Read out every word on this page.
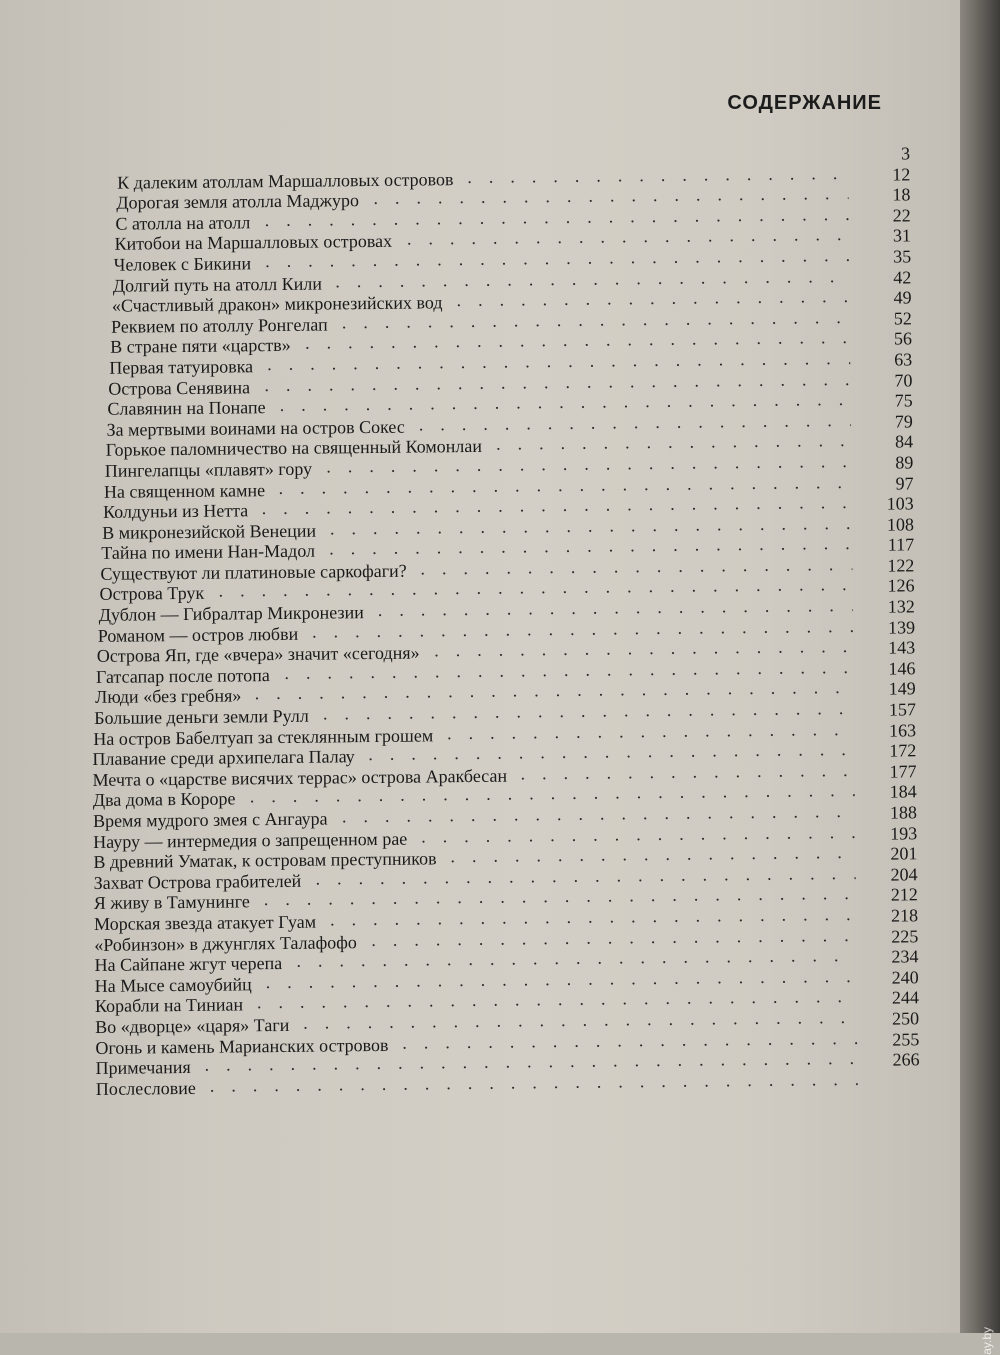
СОДЕРЖАНИЕ
3
К далеким атоллам Маршалловых островов ..............................................
12
Дорогая земля атолла Маджуро ..............................................
18
С атолла на атолл ..............................................
22
Китобои на Маршалловых островах ..............................................
31
Человек с Бикини ..............................................
35
Долгий путь на атолл Кили ..............................................
42
«Счастливый дракон» микронезийских вод ..............................................
49
Реквием по атоллу Ронгелап ..............................................
52
В стране пяти «царств» ..............................................
56
Первая татуировка ..............................................
63
Острова Сенявина ..............................................
70
Славянин на Понапе ..............................................
75
За мертвыми воинами на остров Сокес ..............................................
79
Горькое паломничество на священный Комонлаи ..............................................
84
Пингелапцы «плавят» гору ..............................................
89
На священном камне ..............................................
97
Колдуньи из Нетта ..............................................
103
В микронезийской Венеции ..............................................
108
Тайна по имени Нан-Мадол ..............................................
117
Существуют ли платиновые саркофаги? ..............................................
122
Острова Трук ..............................................
126
Дублон — Гибралтар Микронезии ..............................................
132
Романом — остров любви ..............................................
139
Острова Яп, где «вчера» значит «сегодня» ..............................................
143
Гатсапар после потопа ..............................................
146
Люди «без гребня» ..............................................
149
Большие деньги земли Рулл ..............................................
157
На остров Бабелтуап за стеклянным грошем ..............................................
163
Плавание среди архипелага Палау ..............................................
172
Мечта о «царстве висячих террас» острова Аракбесан ..............................................
177
Два дома в Короре ..............................................
184
Время мудрого змея с Ангаура ..............................................
188
Науру — интермедия о запрещенном рае ..............................................
193
В древний Уматак, к островам преступников ..............................................
201
Захват Острова грабителей ..............................................
204
Я живу в Тамунинге ..............................................
212
Морская звезда атакует Гуам ..............................................
218
«Робинзон» в джунглях Талафофо ..............................................
225
На Сайпане жгут черепа ..............................................
234
На Мысе самоубийц ..............................................
240
Корабли на Тиниан ..............................................
244
Во «дворце» «царя» Таги ..............................................
250
Огонь и камень Марианских островов ..............................................
255
Примечания ..............................................
266
Послесловие ..............................................
